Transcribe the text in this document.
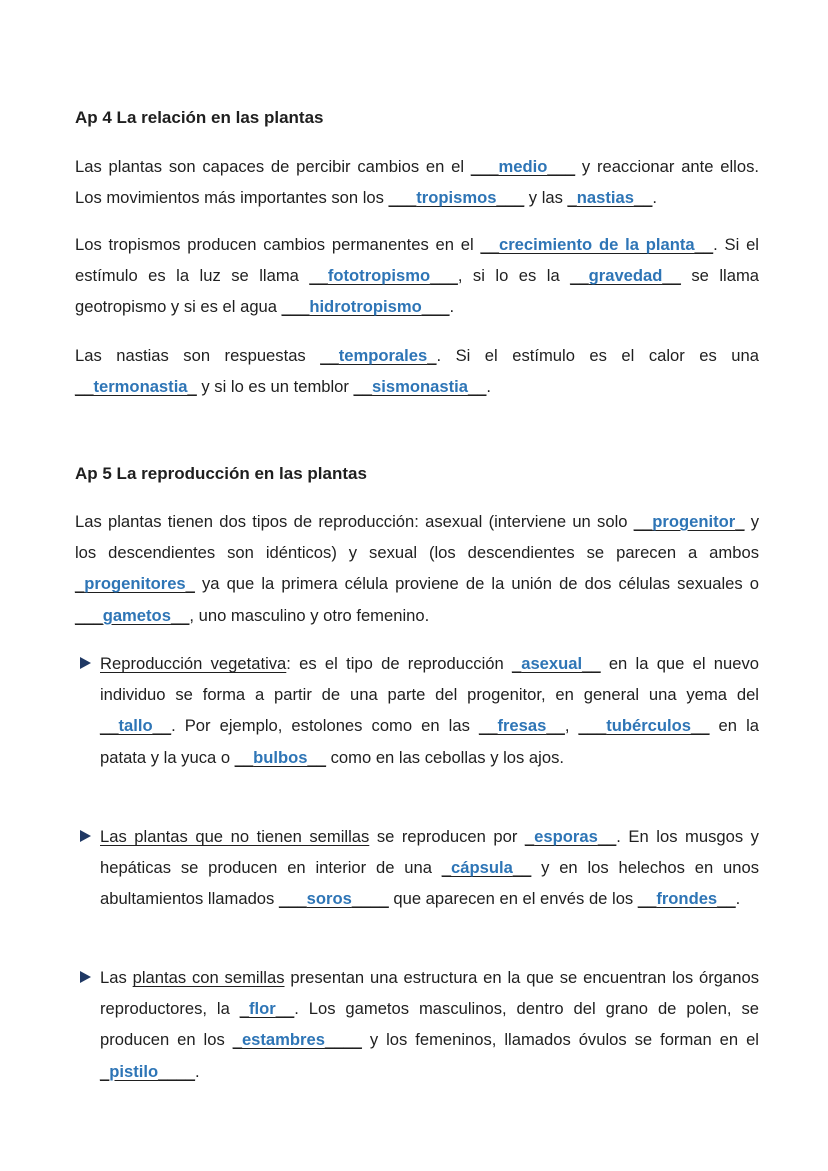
Ap 4 La relación en las plantas

Las plantas son capaces de percibir cambios en el ​___medio___ y reaccionar ante ellos. Los movimientos más importantes son los ___tropismos___ y las _nastias__.

Los tropismos producen cambios permanentes en el __crecimiento de la planta__. Si el estímulo es la luz se llama __fototropismo___, si lo es la __gravedad__ se llama geotropismo y si es el agua ___hidrotropismo___.

Las nastias son respuestas __temporales_. Si el estímulo es el calor es una __termonastia_ y si lo es un temblor __sismonastia__.

Ap 5 La reproducción en las plantas

Las plantas tienen dos tipos de reproducción: asexual (interviene un solo __progenitor_ y los descendientes son idénticos) y sexual (los descendientes se parecen a ambos _progenitores_ ya que la primera célula proviene de la unión de dos células sexuales o ___gametos__, uno masculino y otro femenino.

Reproducción vegetativa: es el tipo de reproducción _asexual__ en la que el nuevo individuo se forma a partir de una parte del progenitor, en general una yema del __tallo__. Por ejemplo, estolones como en las __fresas__, ___tubérculos__ en la patata y la yuca o __bulbos__ como en las cebollas y los ajos.

Las plantas que no tienen semillas se reproducen por _esporas__. En los musgos y hepáticas se producen en interior de una _cápsula__ y en los helechos en unos abultamientos llamados ___soros____ que aparecen en el envés de los __frondes__.

Las plantas con semillas presentan una estructura en la que se encuentran los órganos reproductores, la _flor__. Los gametos masculinos, dentro del grano de polen, se producen en los _estambres____ y los femeninos, llamados óvulos se forman en el _pistilo____.
